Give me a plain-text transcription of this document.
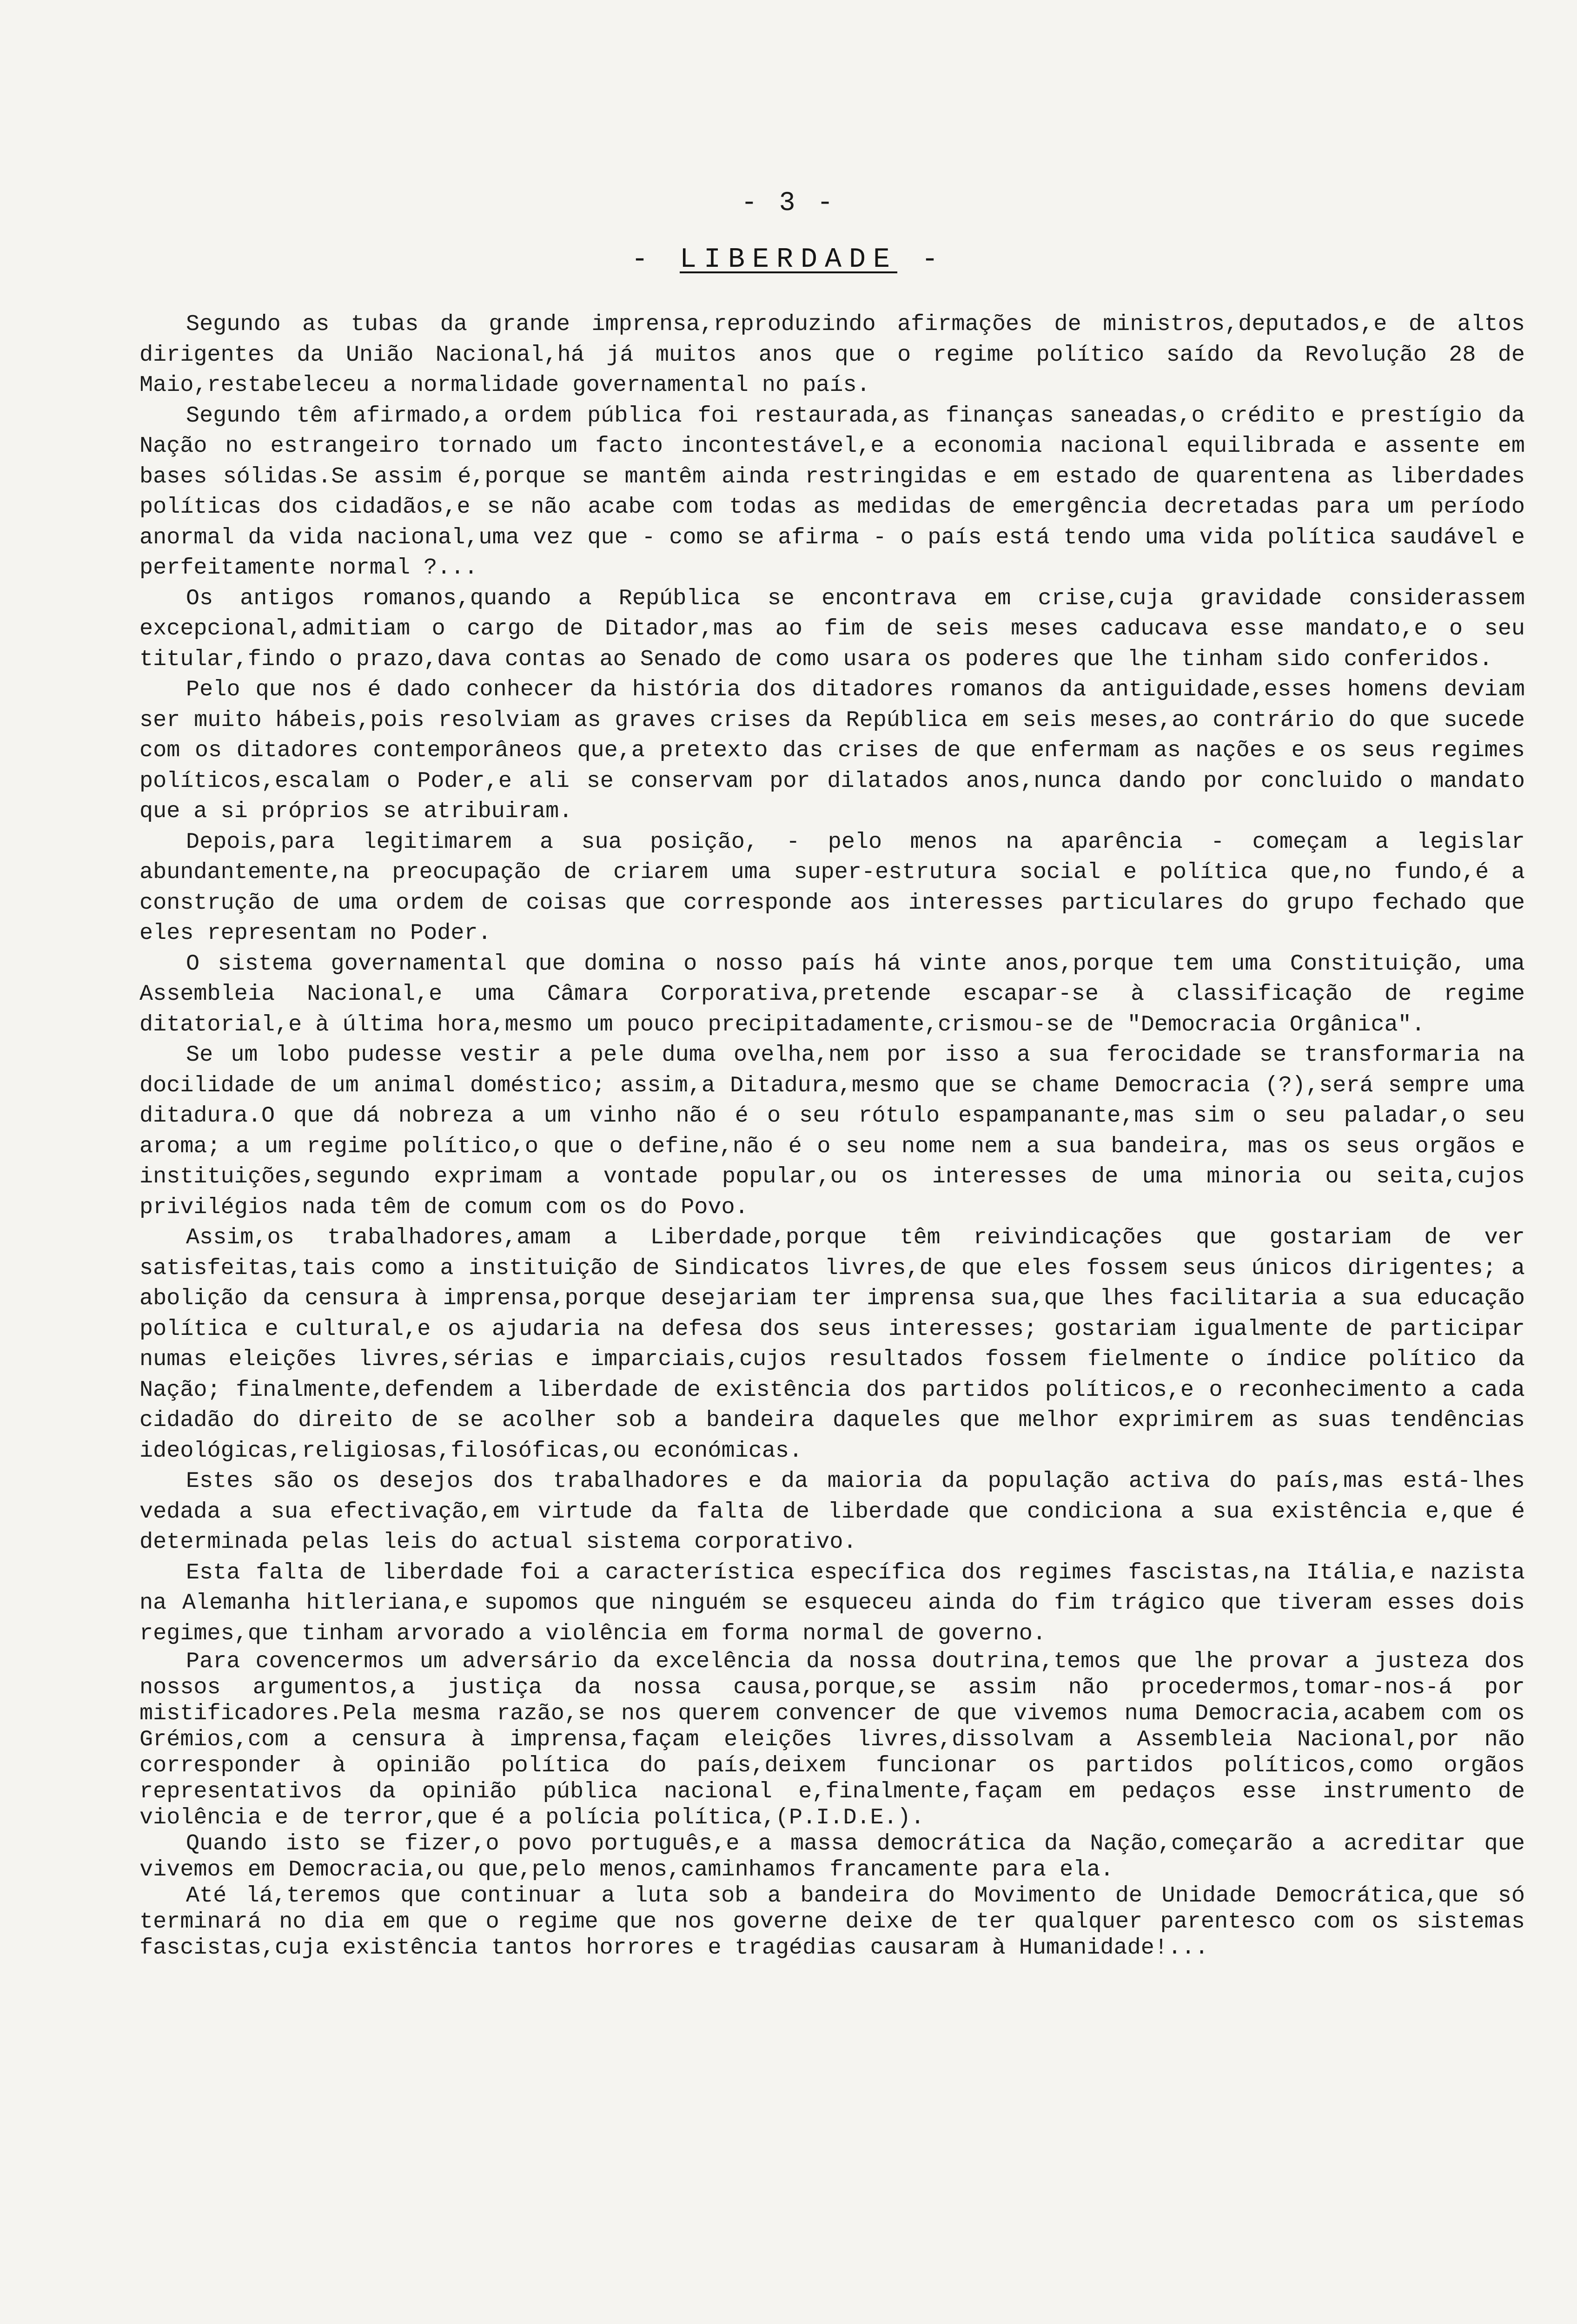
- 3 -
- LIBERDADE -

Segundo as tubas da grande imprensa,reproduzindo afirmações de ministros,deputados,e de altos dirigentes da União Nacional,há já muitos anos que o regime político saído da Revolução 28 de Maio,restabeleceu a normalidade governamental no país.

Segundo têm afirmado,a ordem pública foi restaurada,as finanças saneadas,o crédito e prestígio da Nação no estrangeiro tornado um facto incontestável,e a economia nacional equilibrada e assente em bases sólidas.Se assim é,porque se mantêm ainda restringidas e em estado de quarentena as liberdades políticas dos cidadãos,e se não acabe com todas as medidas de emergência decretadas para um período anormal da vida nacional,uma vez que - como se afirma - o país está tendo uma vida política saudável e perfeitamente normal ?...

Os antigos romanos,quando a República se encontrava em crise,cuja gravidade considerassem excepcional,admitiam o cargo de Ditador,mas ao fim de seis meses caducava esse mandato,e o seu titular,findo o prazo,dava contas ao Senado de como usara os poderes que lhe tinham sido conferidos.

Pelo que nos é dado conhecer da história dos ditadores romanos da antiguidade,esses homens deviam ser muito hábeis,pois resolviam as graves crises da República em seis meses,ao contrário do que sucede com os ditadores contemporâneos que,a pretexto das crises de que enfermam as nações e os seus regimes políticos,escalam o Poder,e ali se conservam por dilatados anos,nunca dando por concluido o mandato que a si próprios se atribuiram.

Depois,para legitimarem a sua posição, - pelo menos na aparência - começam a legislar abundantemente,na preocupação de criarem uma super-estrutura social e política que,no fundo,é a construção de uma ordem de coisas que corresponde aos interesses particulares do grupo fechado que eles representam no Poder.

O sistema governamental que domina o nosso país há vinte anos,porque tem uma Constituição, uma Assembleia Nacional,e uma Câmara Corporativa,pretende escapar-se à classificação de regime ditatorial,e à última hora,mesmo um pouco precipitadamente,crismou-se de "Democracia Orgânica".

Se um lobo pudesse vestir a pele duma ovelha,nem por isso a sua ferocidade se transformaria na docilidade de um animal doméstico; assim,a Ditadura,mesmo que se chame Democracia (?),será sempre uma ditadura.O que dá nobreza a um vinho não é o seu rótulo espampanante,mas sim o seu paladar,o seu aroma; a um regime político,o que o define,não é o seu nome nem a sua bandeira, mas os seus orgãos e instituições,segundo exprimam a vontade popular,ou os interesses de uma minoria ou seita,cujos privilégios nada têm de comum com os do Povo.

Assim,os trabalhadores,amam a Liberdade,porque têm reivindicações que gostariam de ver satisfeitas,tais como a instituição de Sindicatos livres,de que eles fossem seus únicos dirigentes; a abolição da censura à imprensa,porque desejariam ter imprensa sua,que lhes facilitaria a sua educação política e cultural,e os ajudaria na defesa dos seus interesses; gostariam igualmente de participar numas eleições livres,sérias e imparciais,cujos resultados fossem fielmente o índice político da Nação; finalmente,defendem a liberdade de existência dos partidos políticos,e o reconhecimento a cada cidadão do direito de se acolher sob a bandeira daqueles que melhor exprimirem as suas tendências ideológicas,religiosas,filosóficas,ou económicas.

Estes são os desejos dos trabalhadores e da maioria da população activa do país,mas está-lhes vedada a sua efectivação,em virtude da falta de liberdade que condiciona a sua existência e,que é determinada pelas leis do actual sistema corporativo.

Esta falta de liberdade foi a característica específica dos regimes fascistas,na Itália,e nazista na Alemanha hitleriana,e supomos que ninguém se esqueceu ainda do fim trágico que tiveram esses dois regimes,que tinham arvorado a violência em forma normal de governo.

Para covencermos um adversário da excelência da nossa doutrina,temos que lhe provar a justeza dos nossos argumentos,a justiça da nossa causa,porque,se assim não procedermos,tomar-nos-á por mistificadores.Pela mesma razão,se nos querem convencer de que vivemos numa Democracia,acabem com os Grémios,com a censura à imprensa,façam eleições livres,dissolvam a Assembleia Nacional,por não corresponder à opinião política do país,deixem funcionar os partidos políticos,como orgãos representativos da opinião pública nacional e,finalmente,façam em pedaços esse instrumento de violência e de terror,que é a polícia política,(P.I.D.E.).

Quando isto se fizer,o povo português,e a massa democrática da Nação,começarão a acreditar que vivemos em Democracia,ou que,pelo menos,caminhamos francamente para ela.

Até lá,teremos que continuar a luta sob a bandeira do Movimento de Unidade Democrática,que só terminará no dia em que o regime que nos governe deixe de ter qualquer parentesco com os sistemas fascistas,cuja existência tantos horrores e tragédias causaram à Humanidade!...
